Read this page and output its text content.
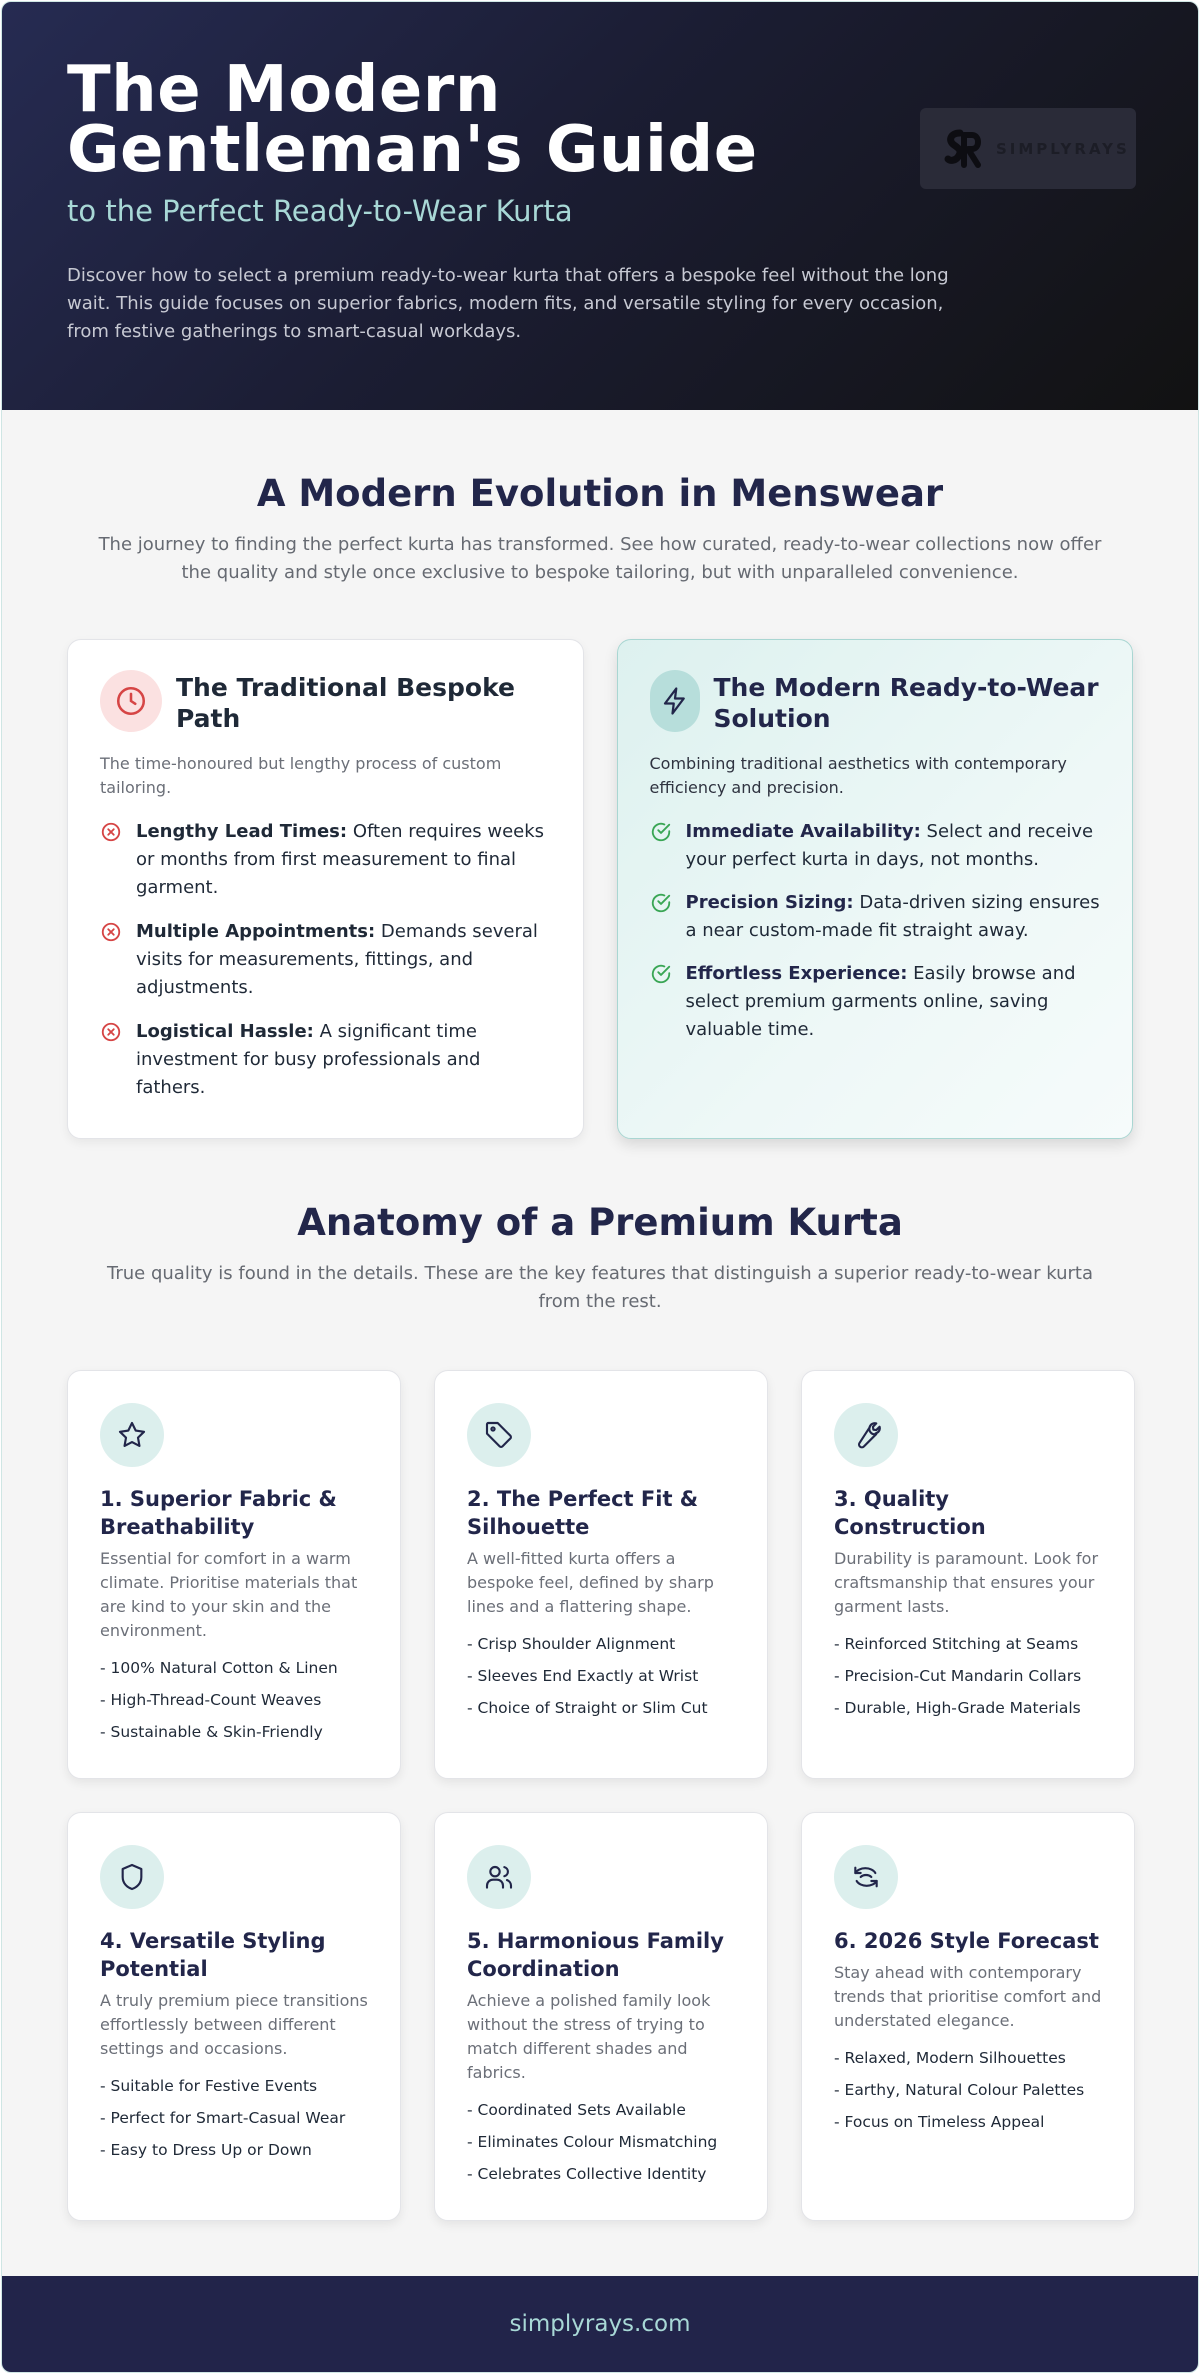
The Modern Gentleman's Guide
to the Perfect Ready-to-Wear Kurta

Discover how to select a premium ready-to-wear kurta that offers a bespoke feel without the long wait. This guide focuses on superior fabrics, modern fits, and versatile styling for every occasion, from festive gatherings to smart-casual workdays.

SIMPLYRAYS
A Modern Evolution in Menswear

The journey to finding the perfect kurta has transformed. See how curated, ready-to-wear collections now offer the quality and style once exclusive to bespoke tailoring, but with unparalleled convenience.

The Traditional Bespoke Path

The time-honoured but lengthy process of custom tailoring.

Lengthy Lead Times: Often requires weeks or months from first measurement to final garment.
Multiple Appointments: Demands several visits for measurements, fittings, and adjustments.
Logistical Hassle: A significant time investment for busy professionals and fathers.
The Modern Ready-to-Wear Solution

Combining traditional aesthetics with contemporary efficiency and precision.

Immediate Availability: Select and receive your perfect kurta in days, not months.
Precision Sizing: Data-driven sizing ensures a near custom-made fit straight away.
Effortless Experience: Easily browse and select premium garments online, saving valuable time.
Anatomy of a Premium Kurta

True quality is found in the details. These are the key features that distinguish a superior ready-to-wear kurta from the rest.

1. Superior Fabric & Breathability

Essential for comfort in a warm climate. Prioritise materials that are kind to your skin and the environment.

- 100% Natural Cotton & Linen
- High-Thread-Count Weaves
- Sustainable & Skin-Friendly
2. The Perfect Fit & Silhouette

A well-fitted kurta offers a bespoke feel, defined by sharp lines and a flattering shape.

- Crisp Shoulder Alignment
- Sleeves End Exactly at Wrist
- Choice of Straight or Slim Cut
3. Quality Construction

Durability is paramount. Look for craftsmanship that ensures your garment lasts.

- Reinforced Stitching at Seams
- Precision-Cut Mandarin Collars
- Durable, High-Grade Materials
4. Versatile Styling Potential

A truly premium piece transitions effortlessly between different settings and occasions.

- Suitable for Festive Events
- Perfect for Smart-Casual Wear
- Easy to Dress Up or Down
5. Harmonious Family Coordination

Achieve a polished family look without the stress of trying to match different shades and fabrics.

- Coordinated Sets Available
- Eliminates Colour Mismatching
- Celebrates Collective Identity
6. 2026 Style Forecast

Stay ahead with contemporary trends that prioritise comfort and understated elegance.

- Relaxed, Modern Silhouettes
- Earthy, Natural Colour Palettes
- Focus on Timeless Appeal
simplyrays.com
